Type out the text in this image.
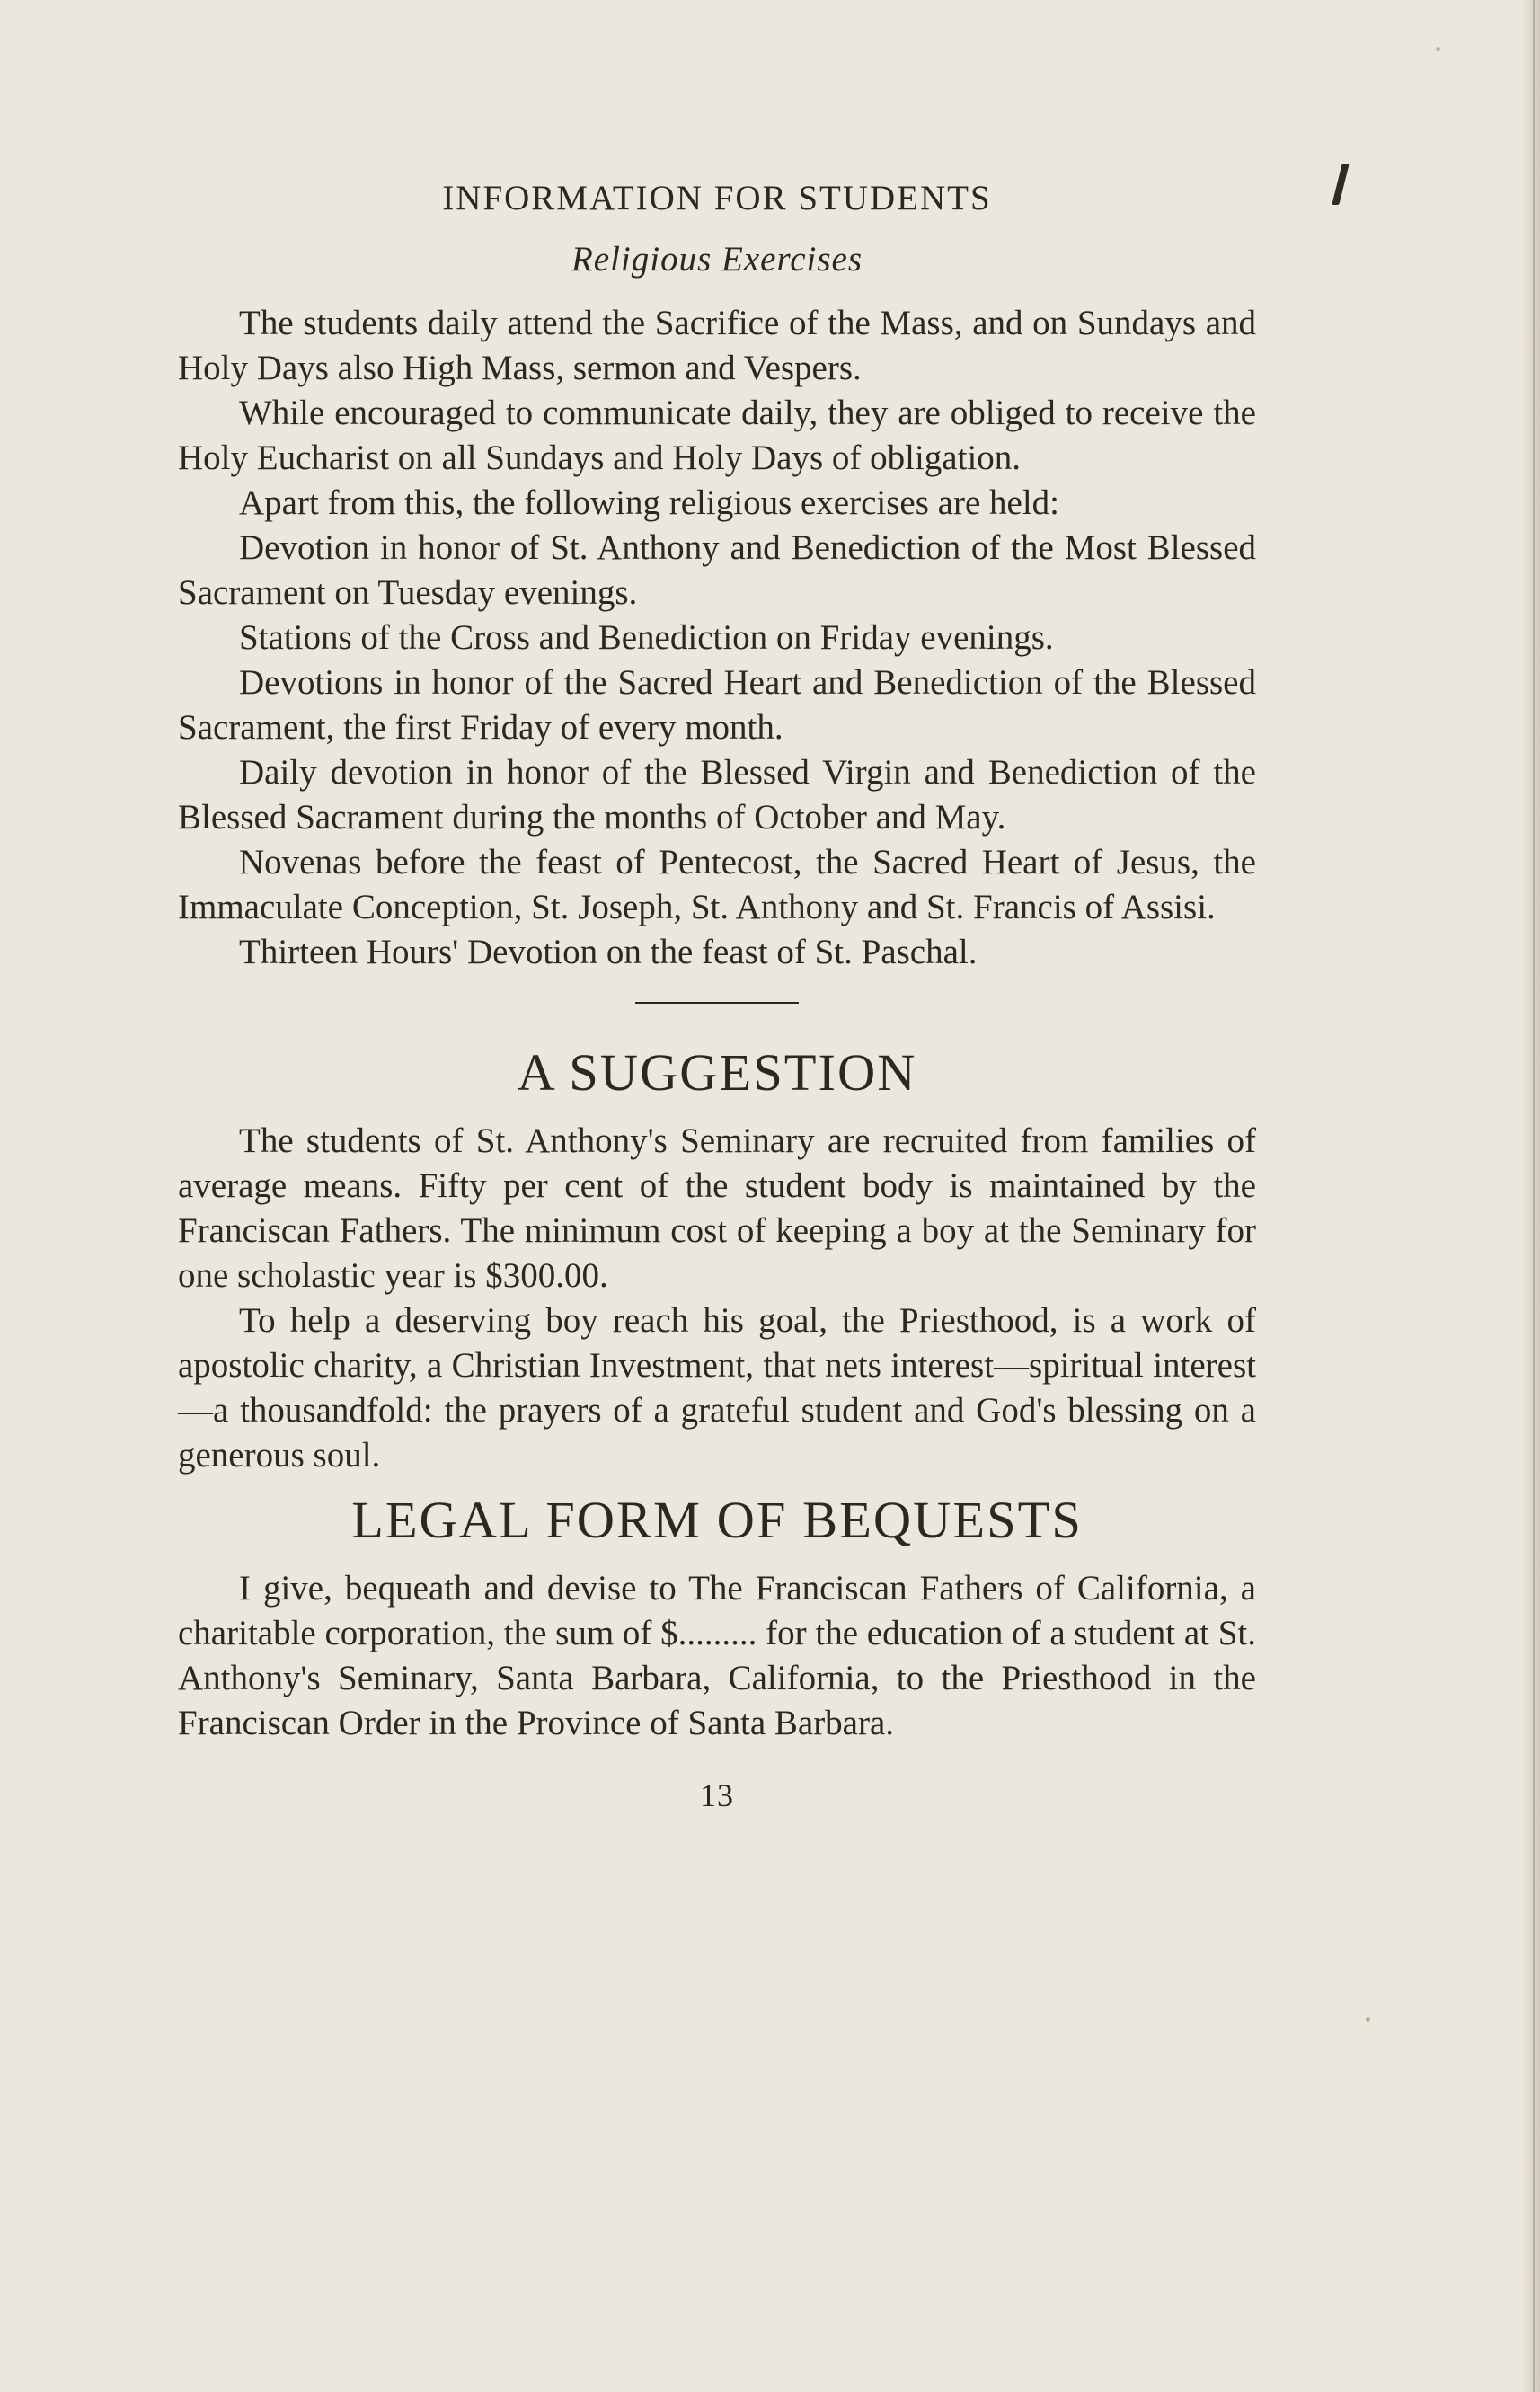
INFORMATION FOR STUDENTS
Religious Exercises

The students daily attend the Sacrifice of the Mass, and on Sundays and Holy Days also High Mass, sermon and Vespers.

While encouraged to communicate daily, they are obliged to receive the Holy Eucharist on all Sundays and Holy Days of obligation.

Apart from this, the following religious exercises are held:

Devotion in honor of St. Anthony and Benediction of the Most Blessed Sacrament on Tuesday evenings.

Stations of the Cross and Benediction on Friday evenings.

Devotions in honor of the Sacred Heart and Benediction of the Blessed Sacrament, the first Friday of every month.

Daily devotion in honor of the Blessed Virgin and Benediction of the Blessed Sacrament during the months of October and May.

Novenas before the feast of Pentecost, the Sacred Heart of Jesus, the Immaculate Conception, St. Joseph, St. Anthony and St. Francis of Assisi.

Thirteen Hours' Devotion on the feast of St. Paschal.

A SUGGESTION

The students of St. Anthony's Seminary are recruited from families of average means. Fifty per cent of the student body is maintained by the Franciscan Fathers. The minimum cost of keeping a boy at the Seminary for one scholastic year is $300.00.

To help a deserving boy reach his goal, the Priesthood, is a work of apostolic charity, a Christian Investment, that nets interest—spiritual interest—a thousandfold: the prayers of a grateful student and God's blessing on a generous soul.

LEGAL FORM OF BEQUESTS

I give, bequeath and devise to The Franciscan Fathers of California, a charitable corporation, the sum of $......... for the education of a student at St. Anthony's Seminary, Santa Barbara, California, to the Priesthood in the Franciscan Order in the Province of Santa Barbara.

13
